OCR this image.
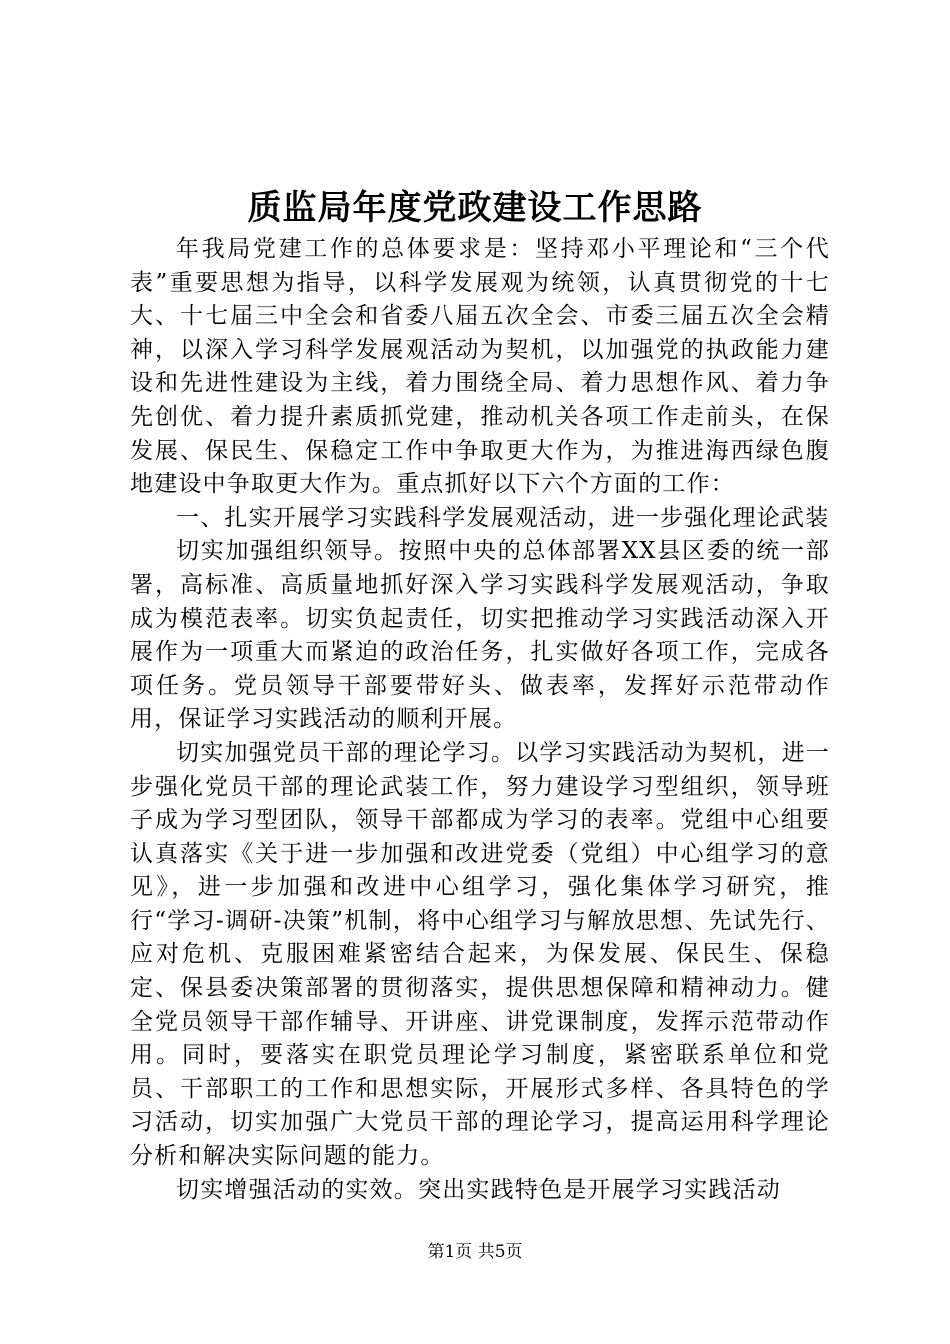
质监局年度党政建设工作思路

年我局党建工作的总体要求是：坚持邓小平理论和“三个代表”重要思想为指导，以科学发展观为统领，认真贯彻党的十七大、十七届三中全会和省委八届五次全会、市委三届五次全会精神，以深入学习科学发展观活动为契机，以加强党的执政能力建设和先进性建设为主线，着力围绕全局、着力思想作风、着力争先创优、着力提升素质抓党建，推动机关各项工作走前头，在保发展、保民生、保稳定工作中争取更大作为，为推进海西绿色腹地建设中争取更大作为。重点抓好以下六个方面的工作：

一、扎实开展学习实践科学发展观活动，进一步强化理论武装

切实加强组织领导。按照中央的总体部署XX县区委的统一部署，高标准、高质量地抓好深入学习实践科学发展观活动，争取成为模范表率。切实负起责任，切实把推动学习实践活动深入开展作为一项重大而紧迫的政治任务，扎实做好各项工作，完成各项任务。党员领导干部要带好头、做表率，发挥好示范带动作用，保证学习实践活动的顺利开展。

切实加强党员干部的理论学习。以学习实践活动为契机，进一步强化党员干部的理论武装工作，努力建设学习型组织，领导班子成为学习型团队，领导干部都成为学习的表率。党组中心组要认真落实《关于进一步加强和改进党委（党组）中心组学习的意见》，进一步加强和改进中心组学习，强化集体学习研究，推行“学习-调研-决策”机制，将中心组学习与解放思想、先试先行、应对危机、克服困难紧密结合起来，为保发展、保民生、保稳定、保县委决策部署的贯彻落实，提供思想保障和精神动力。健全党员领导干部作辅导、开讲座、讲党课制度，发挥示范带动作用。同时，要落实在职党员理论学习制度，紧密联系单位和党员、干部职工的工作和思想实际，开展形式多样、各具特色的学习活动，切实加强广大党员干部的理论学习，提高运用科学理论分析和解决实际问题的能力。

切实增强活动的实效。突出实践特色是开展学习实践活动

第1页 共5页
